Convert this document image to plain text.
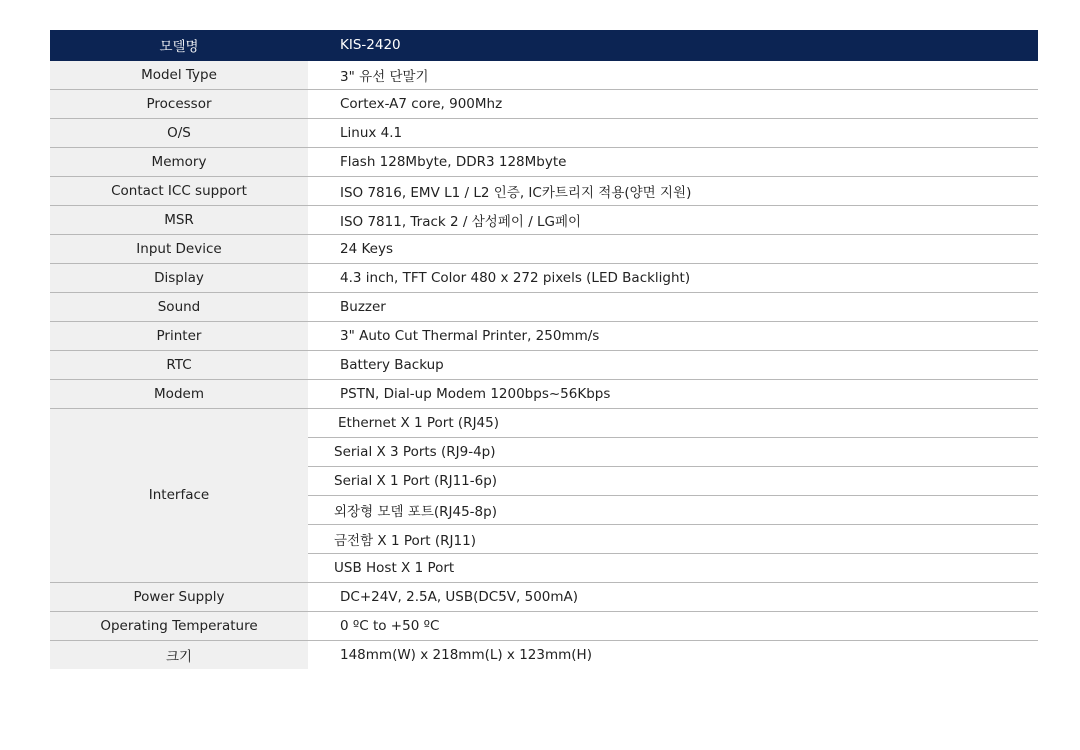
모델명	KIS-2420
Model Type	3" 유선 단말기
Processor	Cortex-A7 core, 900Mhz
O/S	Linux 4.1
Memory	Flash 128Mbyte, DDR3 128Mbyte
Contact ICC support	ISO 7816, EMV L1 / L2 인증, IC카트리지 적용(양면 지원)
MSR	ISO 7811, Track 2 / 삼성페이 / LG페이
Input Device	24 Keys
Display	4.3 inch, TFT Color 480 x 272 pixels (LED Backlight)
Sound	Buzzer
Printer	3" Auto Cut Thermal Printer, 250mm/s
RTC	Battery Backup
Modem	PSTN, Dial-up Modem 1200bps~56Kbps
Interface	Ethernet X 1 Port (RJ45)
	Serial X 3 Ports (RJ9-4p)
	Serial X 1 Port (RJ11-6p)
	외장형 모뎀 포트(RJ45-8p)
	금전함 X 1 Port (RJ11)
	USB Host X 1 Port
Power Supply	DC+24V, 2.5A, USB(DC5V, 500mA)
Operating Temperature	0 ºC to +50 ºC
크기	148mm(W) x 218mm(L) x 123mm(H)
